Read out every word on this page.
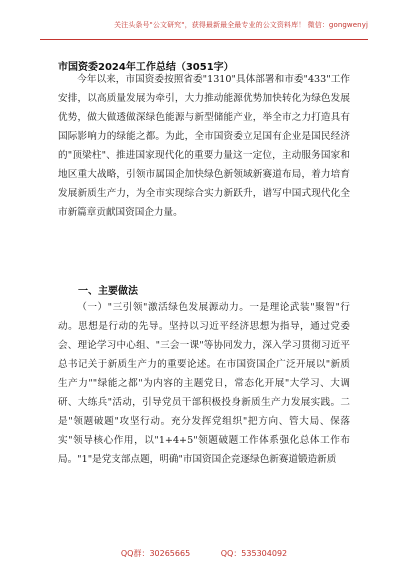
关注头条号"公文研究"，获得最新最全最专业的公文资料库！ 微信：gongwenyj
市国资委2024年工作总结（3051字）

今年以来，市国资委按照省委"1310"具体部署和市委"433"工作安排，以高质量发展为牵引，大力推动能源优势加快转化为绿色发展优势，做大做透做深绿色能源与新型储能产业，举全市之力打造具有国际影响力的绿能之都。为此，全市国资委立足国有企业是国民经济的"顶梁柱"、推进国家现代化的重要力量这一定位，主动服务国家和地区重大战略，引领市属国企加快绿色新领域新赛道布局，着力培育发展新质生产力，为全市实现综合实力新跃升，谱写中国式现代化全市新篇章贡献国资国企力量。

一、主要做法

（一）"三引领"激活绿色发展源动力。一是理论武装"聚智"行动。思想是行动的先导。坚持以习近平经济思想为指导，通过党委会、理论学习中心组、"三会一课"等协同发力，深入学习贯彻习近平总书记关于新质生产力的重要论述。在市国资国企广泛开展以"新质生产力""绿能之都"为内容的主题党日，常态化开展"大学习、大调研、大练兵"活动，引导党员干部积极投身新质生产力发展实践。二是"领题破题"攻坚行动。充分发挥党组织"把方向、管大局、保落实"领导核心作用，以"1+4+5"领题破题工作体系强化总体工作布局。"1"是党支部点题，明确"市国资国企竞逐绿色新赛道锻造新质

QQ群：30265665	QQ：535304092
